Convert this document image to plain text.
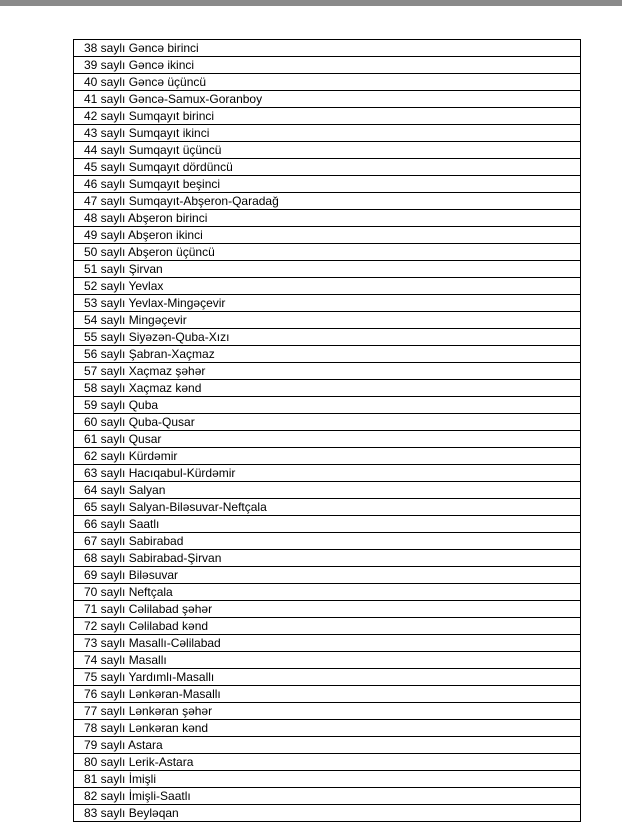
38 saylı Gəncə birinci
39 saylı Gəncə ikinci
40 saylı Gəncə üçüncü
41 saylı Gəncə-Samux-Goranboy
42 saylı Sumqayıt birinci
43 saylı Sumqayıt ikinci
44 saylı Sumqayıt üçüncü
45 saylı Sumqayıt dördüncü
46 saylı Sumqayıt beşinci
47 saylı Sumqayıt-Abşeron-Qaradağ
48 saylı Abşeron birinci
49 saylı Abşeron ikinci
50 saylı Abşeron üçüncü
51 saylı Şirvan
52 saylı Yevlax
53 saylı Yevlax-Mingəçevir
54 saylı Mingəçevir
55 saylı Siyəzən-Quba-Xızı
56 saylı Şabran-Xaçmaz
57 saylı Xaçmaz şəhər
58 saylı Xaçmaz kənd
59 saylı Quba
60 saylı Quba-Qusar
61 saylı Qusar
62 saylı Kürdəmir
63 saylı Hacıqabul-Kürdəmir
64 saylı Salyan
65 saylı Salyan-Biləsuvar-Neftçala
66 saylı Saatlı
67 saylı Sabirabad
68 saylı Sabirabad-Şirvan
69 saylı Biləsuvar
70 saylı Neftçala
71 saylı Cəlilabad şəhər
72 saylı Cəlilabad kənd
73 saylı Masallı-Cəlilabad
74 saylı Masallı
75 saylı Yardımlı-Masallı
76 saylı Lənkəran-Masallı
77 saylı Lənkəran şəhər
78 saylı Lənkəran kənd
79 saylı Astara
80 saylı Lerik-Astara
81 saylı İmişli
82 saylı İmişli-Saatlı
83 saylı Beyləqan
